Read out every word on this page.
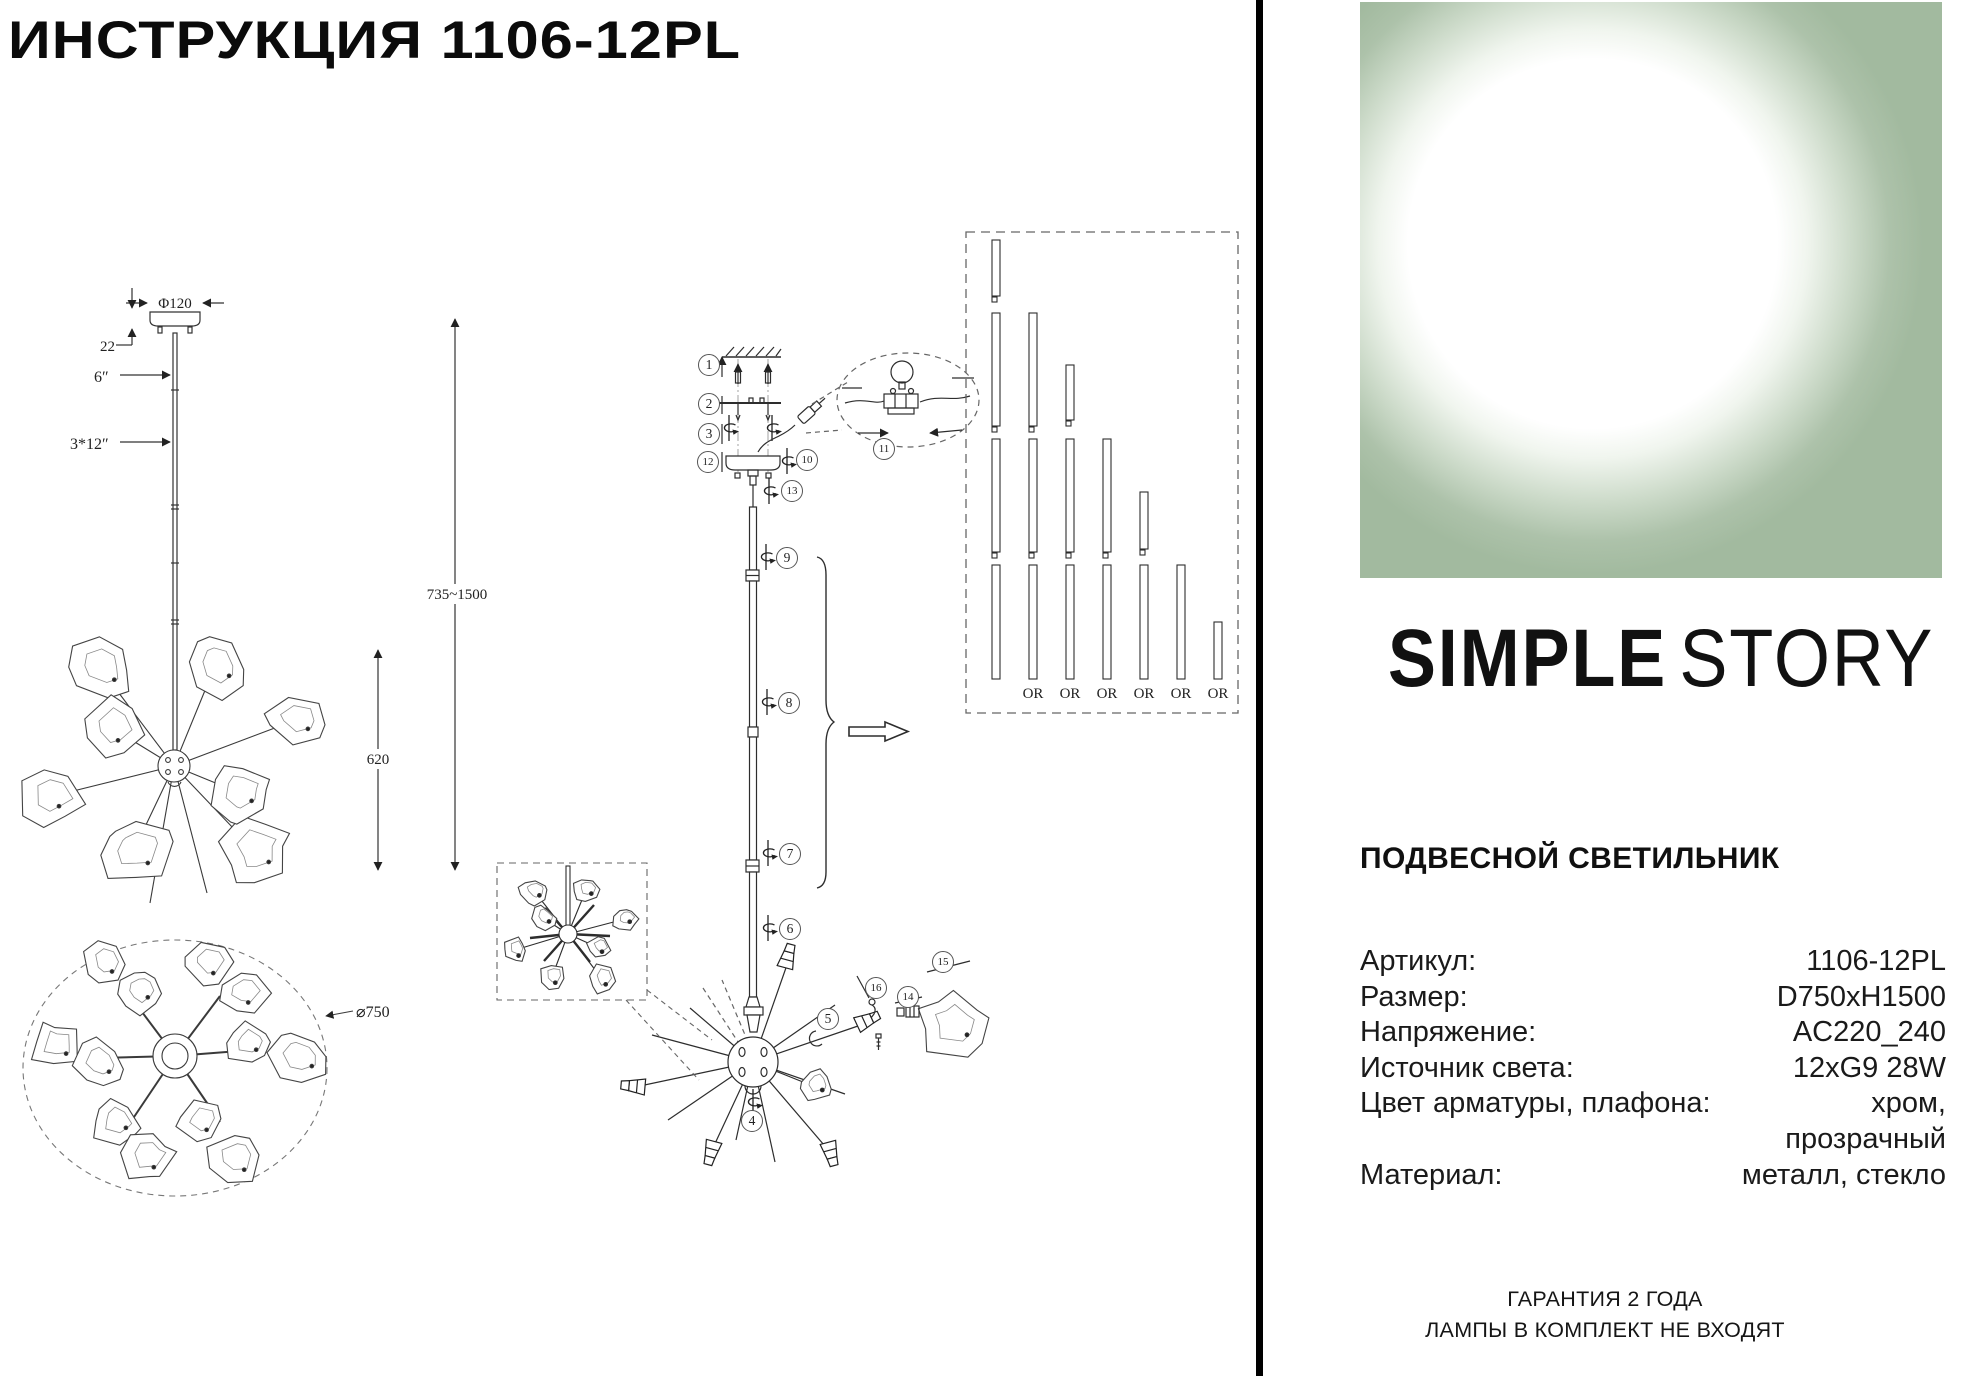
ИНСТРУКЦИЯ 1106-12PL
Φ120
22
6″
3*12″
735~1500
620
⌀750
OR OR OR OR OR OR
1
2
3
12	10
13
11
9
8
7
6
5
16
14
15
4
SIMPLE STORY
ПОДВЕСНОЙ СВЕТИЛЬНИК
Артикул:	1106-12PL
Размер:	D750xH1500
Напряжение:	AC220_240
Источник света:	12xG9 28W
Цвет арматуры, плафона:	хром,
прозрачный
Материал:	металл, стекло
ГАРАНТИЯ 2 ГОДА
ЛАМПЫ В КОМПЛЕКТ НЕ ВХОДЯТ
